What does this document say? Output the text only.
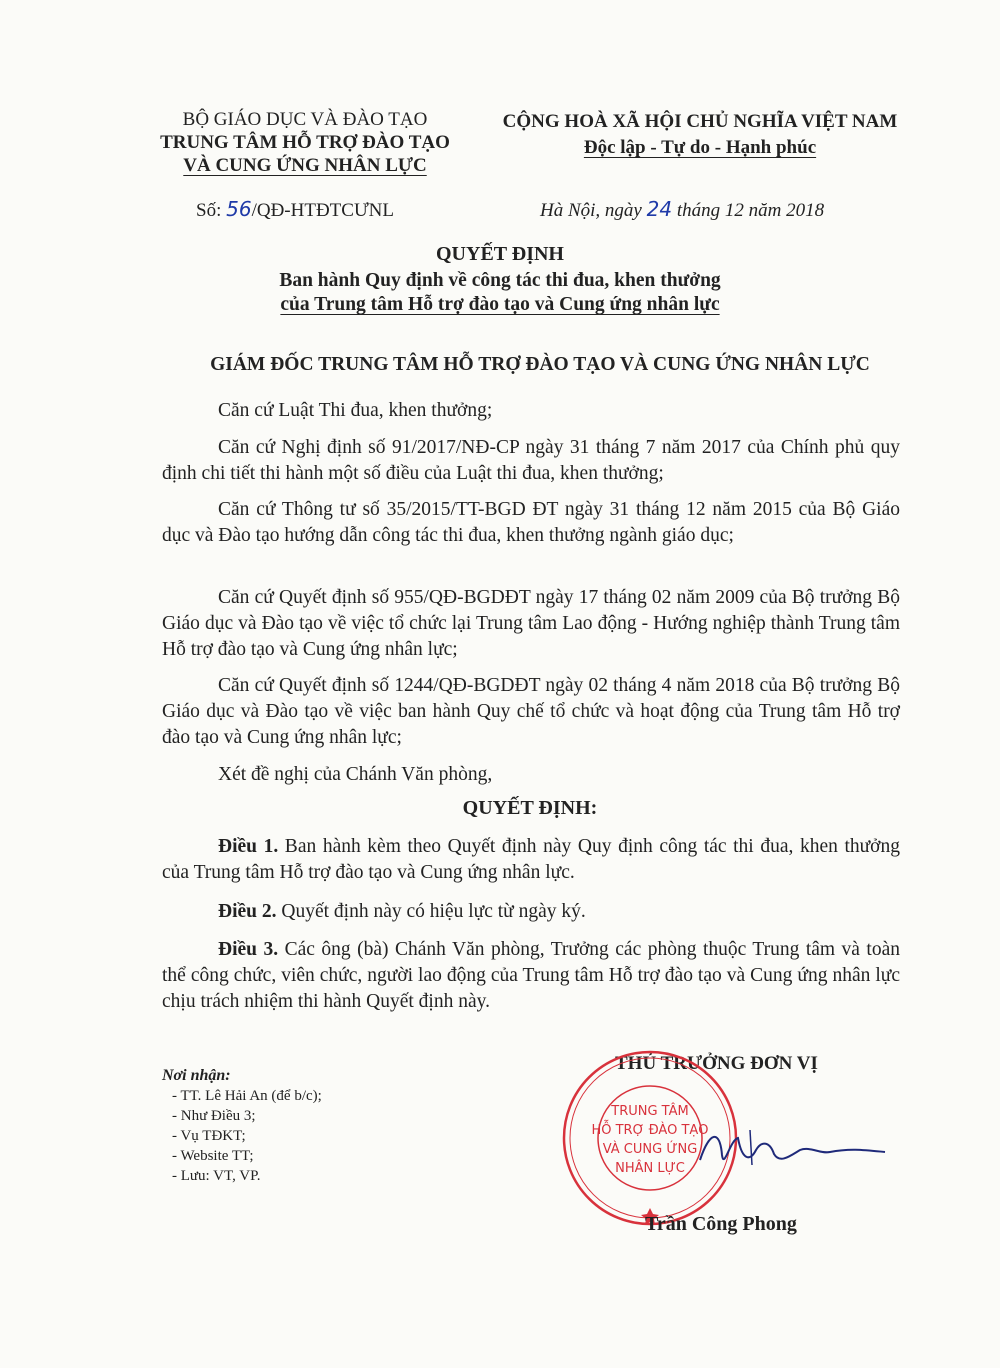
BỘ GIÁO DỤC VÀ ĐÀO TẠO
TRUNG TÂM HỖ TRỢ ĐÀO TẠO
VÀ CUNG ỨNG NHÂN LỰC
CỘNG HOÀ XÃ HỘI CHỦ NGHĨA VIỆT NAM
Độc lập - Tự do - Hạnh phúc
Số: 56/QĐ-HTĐTCƯNL	Hà Nội, ngày 24 tháng 12 năm 2018
QUYẾT ĐỊNH
Ban hành Quy định về công tác thi đua, khen thưởng
của Trung tâm Hỗ trợ đào tạo và Cung ứng nhân lực
GIÁM ĐỐC TRUNG TÂM HỖ TRỢ ĐÀO TẠO VÀ CUNG ỨNG NHÂN LỰC
Căn cứ Luật Thi đua, khen thưởng;
Căn cứ Nghị định số 91/2017/NĐ-CP ngày 31 tháng 7 năm 2017 của Chính phủ quy định chi tiết thi hành một số điều của Luật thi đua, khen thưởng;
Căn cứ Thông tư số 35/2015/TT-BGD ĐT ngày 31 tháng 12 năm 2015 của Bộ Giáo dục và Đào tạo hướng dẫn công tác thi đua, khen thưởng ngành giáo dục;
Căn cứ Quyết định số 955/QĐ-BGDĐT ngày 17 tháng 02 năm 2009 của Bộ trưởng Bộ Giáo dục và Đào tạo về việc tổ chức lại Trung tâm Lao động - Hướng nghiệp thành Trung tâm Hỗ trợ đào tạo và Cung ứng nhân lực;
Căn cứ Quyết định số 1244/QĐ-BGDĐT ngày 02 tháng 4 năm 2018 của Bộ trưởng Bộ Giáo dục và Đào tạo về việc ban hành Quy chế tổ chức và hoạt động của Trung tâm Hỗ trợ đào tạo và Cung ứng nhân lực;
Xét đề nghị của Chánh Văn phòng,
QUYẾT ĐỊNH:
Điều 1. Ban hành kèm theo Quyết định này Quy định công tác thi đua, khen thưởng của Trung tâm Hỗ trợ đào tạo và Cung ứng nhân lực.
Điều 2. Quyết định này có hiệu lực từ ngày ký.
Điều 3. Các ông (bà) Chánh Văn phòng, Trưởng các phòng thuộc Trung tâm và toàn thể công chức, viên chức, người lao động của Trung tâm Hỗ trợ đào tạo và Cung ứng nhân lực chịu trách nhiệm thi hành Quyết định này.
Nơi nhận:
- TT. Lê Hải An (để b/c);
- Như Điều 3;
- Vụ TĐKT;
- Website TT;
- Lưu: VT, VP.
THỦ TRƯỞNG ĐƠN VỊ
TRUNG TÂM
HỖ TRỢ ĐÀO TẠO
VÀ CUNG ỨNG
NHÂN LỰC
Trần Công Phong
